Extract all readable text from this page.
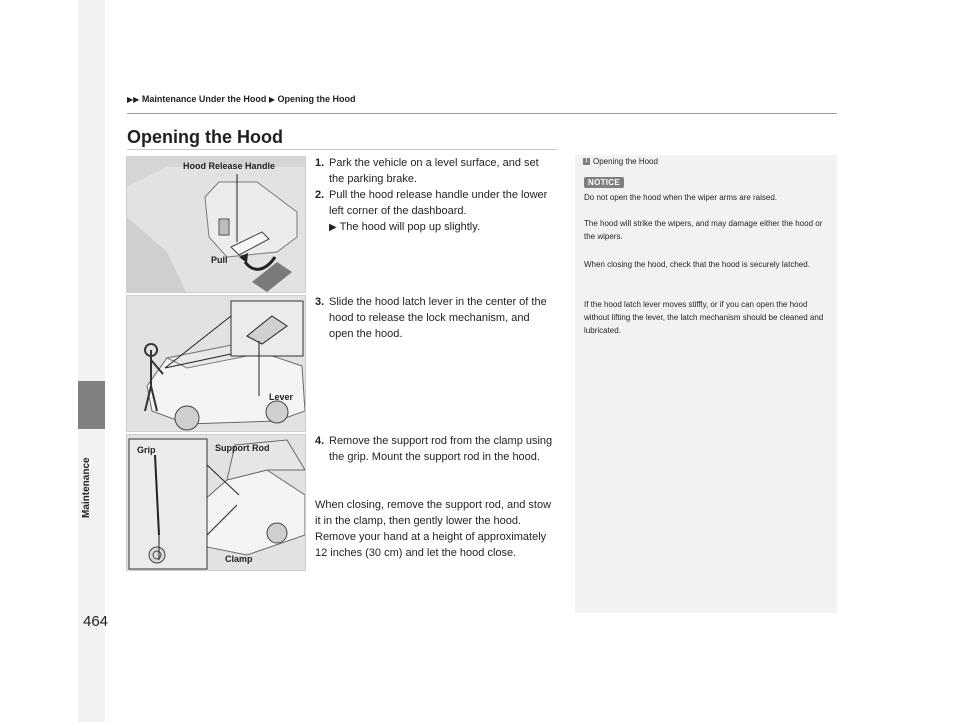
Maintenance
▶▶ Maintenance Under the Hood ▶ Opening the Hood
Opening the Hood
Hood Release Handle
Pull
Lever
Grip	Support Rod
Clamp
1. Park the vehicle on a level surface, and set the parking brake.
2. Pull the hood release handle under the lower left corner of the dashboard.
▶ The hood will pop up slightly.
3. Slide the hood latch lever in the center of the hood to release the lock mechanism, and open the hood.
4. Remove the support rod from the clamp using the grip. Mount the support rod in the hood.
When closing, remove the support rod, and stow it in the clamp, then gently lower the hood. Remove your hand at a height of approximately 12 inches (30 cm) and let the hood close.
1 Opening the Hood
NOTICE
Do not open the hood when the wiper arms are raised.
The hood will strike the wipers, and may damage either the hood or the wipers.
When closing the hood, check that the hood is securely latched.
If the hood latch lever moves stiffly, or if you can open the hood without lifting the lever, the latch mechanism should be cleaned and lubricated.
464
